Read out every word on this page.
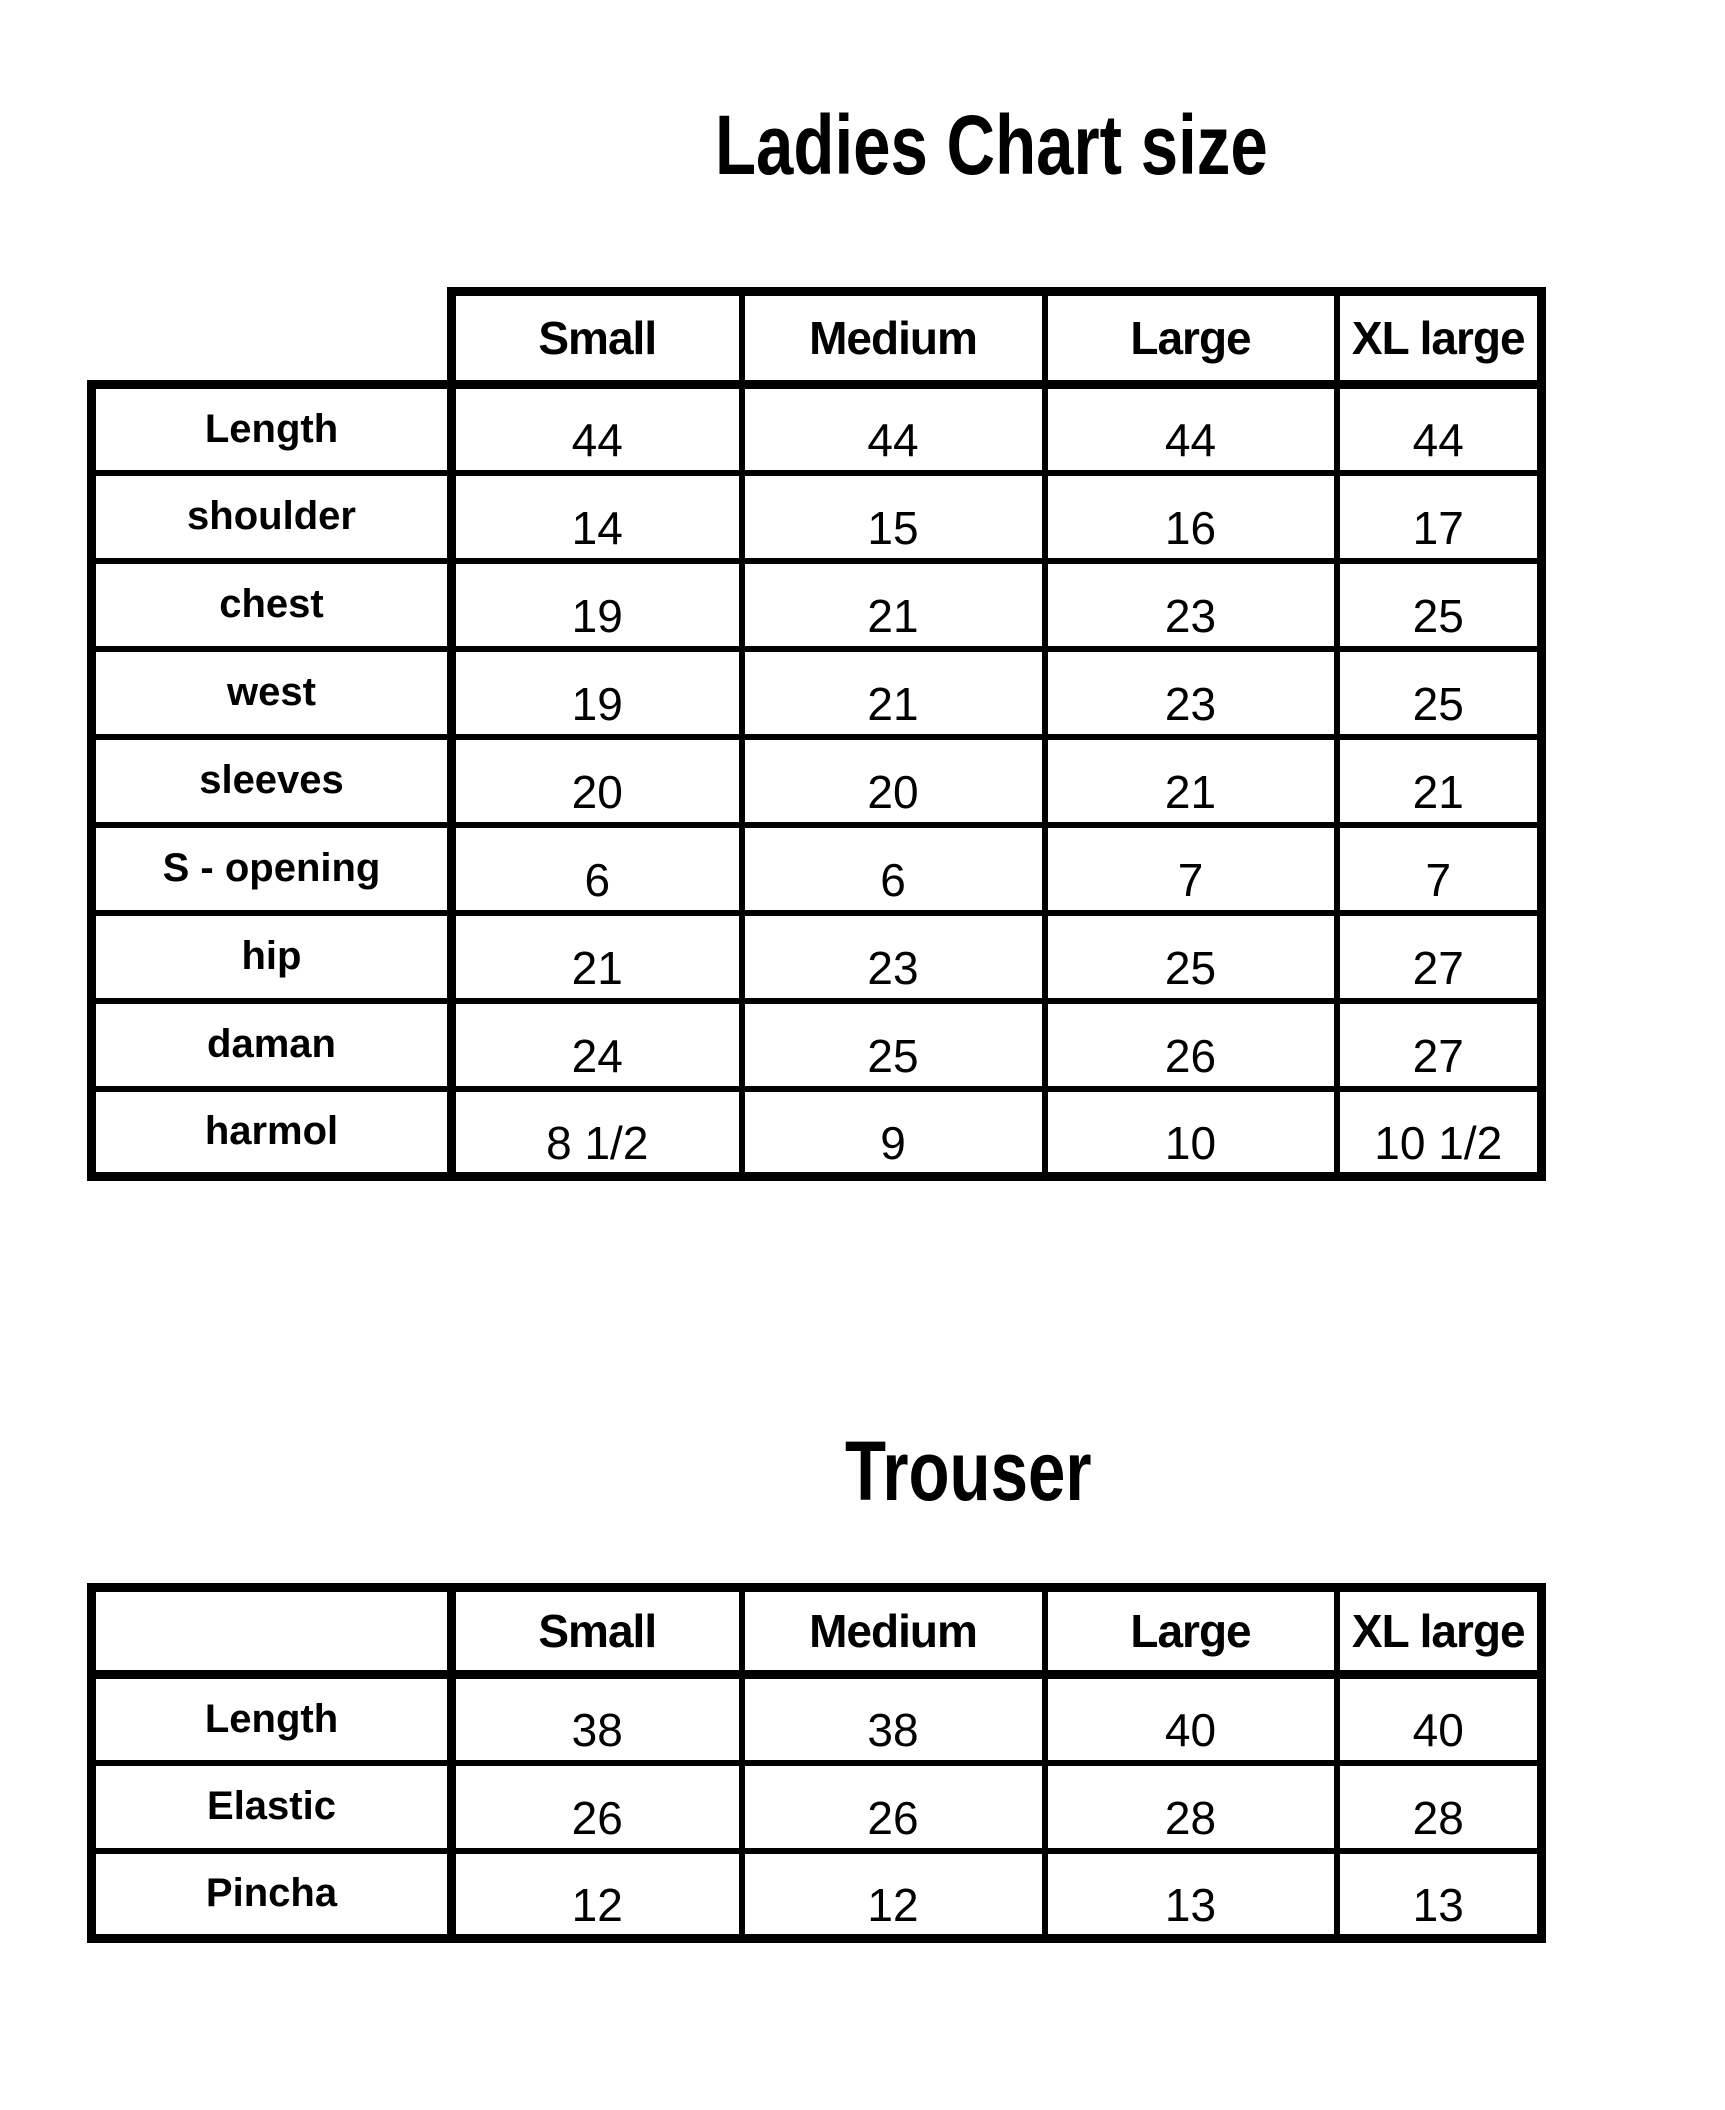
Ladies Chart size
	Small	Medium	Large	XL large
Length	44	44	44	44
shoulder	14	15	16	17
chest	19	21	23	25
west	19	21	23	25
sleeves	20	20	21	21
S - opening	6	6	7	7
hip	21	23	25	27
daman	24	25	26	27
harmol	8 1/2	9	10	10 1/2
Trouser
	Small	Medium	Large	XL large
Length	38	38	40	40
Elastic	26	26	28	28
Pincha	12	12	13	13
